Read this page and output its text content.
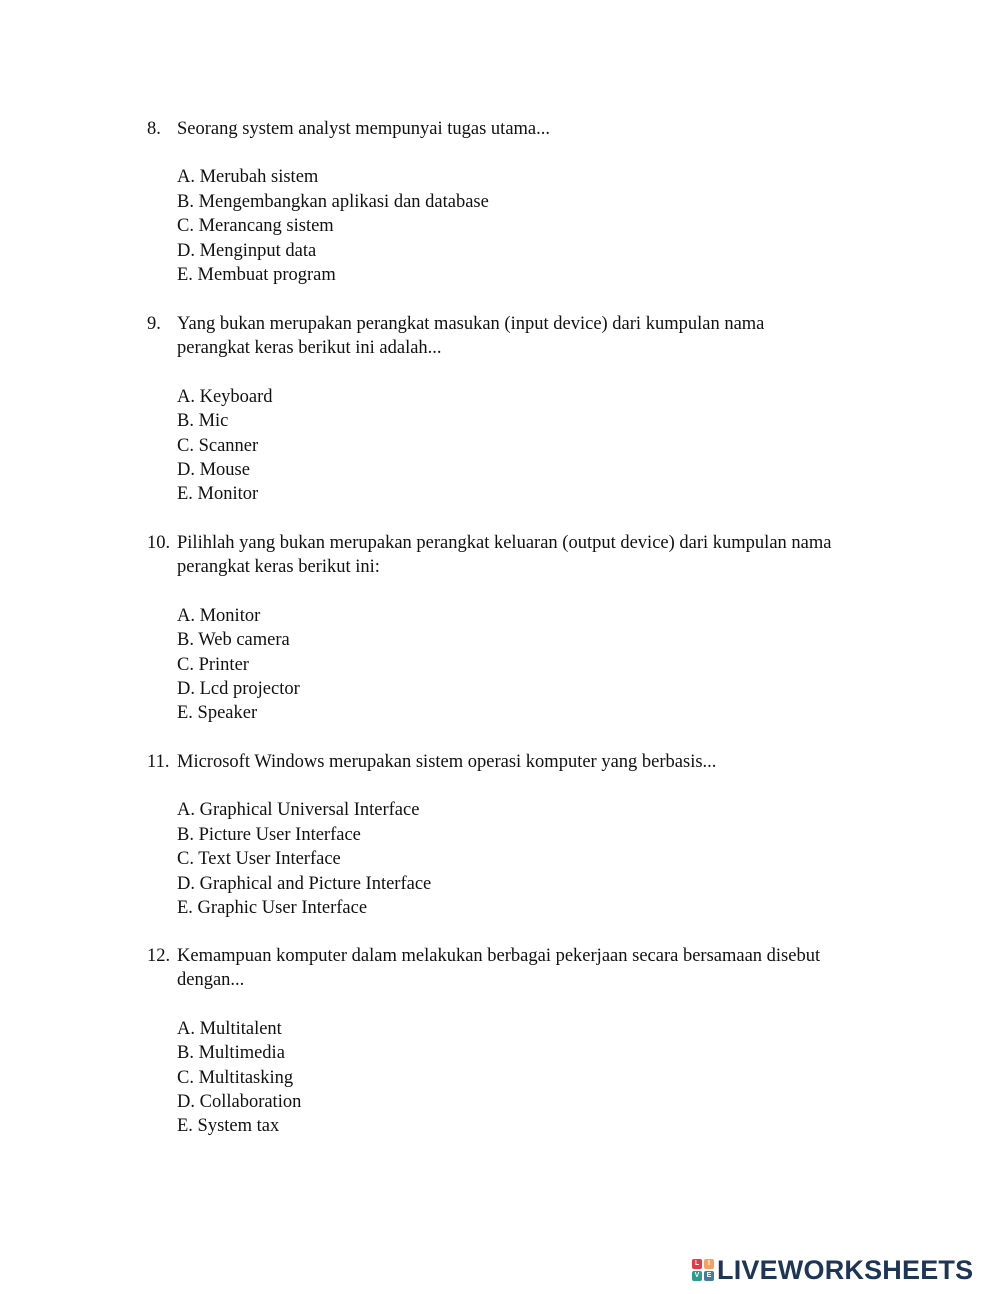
8. Seorang system analyst mempunyai tugas utama...
A. Merubah sistem
B. Mengembangkan aplikasi dan database
C. Merancang sistem
D. Menginput data
E. Membuat program
9. Yang bukan merupakan perangkat masukan (input device) dari kumpulan nama
perangkat keras berikut ini adalah...
A. Keyboard
B. Mic
C. Scanner
D. Mouse
E. Monitor
10. Pilihlah yang bukan merupakan perangkat keluaran (output device) dari kumpulan nama
perangkat keras berikut ini:
A. Monitor
B. Web camera
C. Printer
D. Lcd projector
E. Speaker
11. Microsoft Windows merupakan sistem operasi komputer yang berbasis...
A. Graphical Universal Interface
B. Picture User Interface
C. Text User Interface
D. Graphical and Picture Interface
E. Graphic User Interface
12. Kemampuan komputer dalam melakukan berbagai pekerjaan secara bersamaan disebut
dengan...
A. Multitalent
B. Multimedia
C. Multitasking
D. Collaboration
E. System tax
L	I
V	E LIVEWORKSHEETS
